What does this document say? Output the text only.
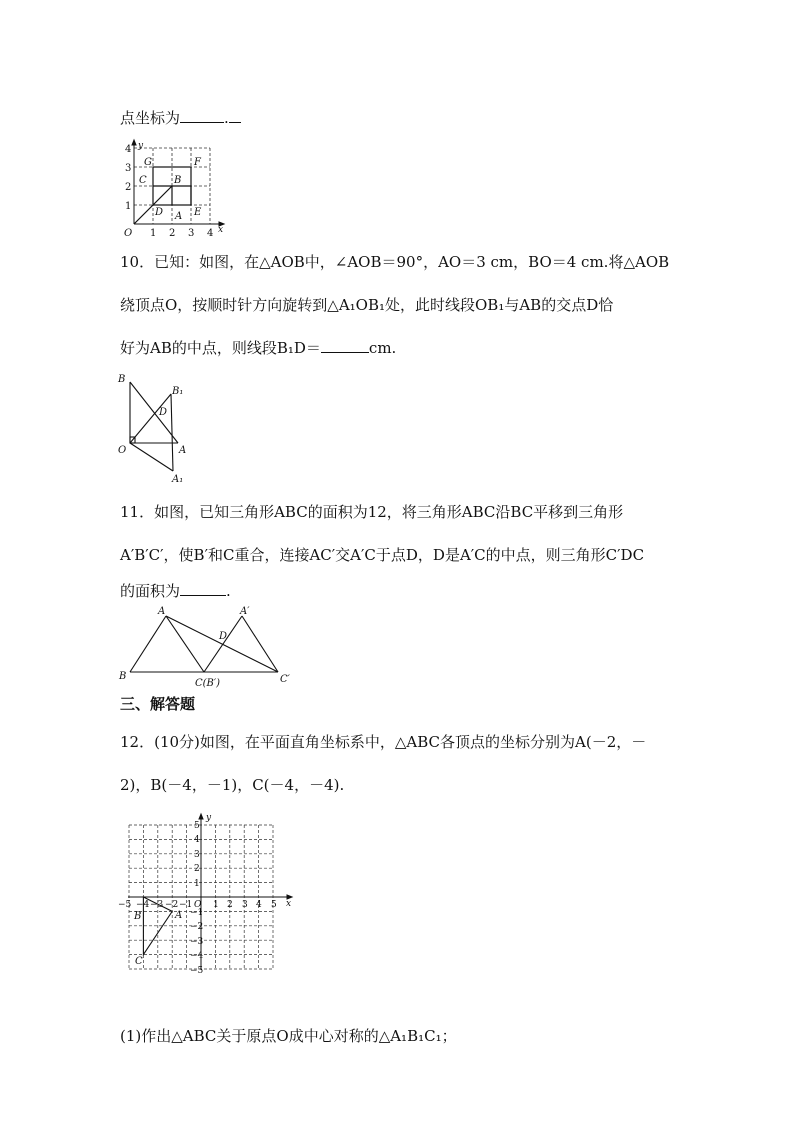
点坐标为	.
y
x
O 1 2 3 4
1
2
3
4
G	F
C	B
D A E
10．已知：如图，在△AOB中，∠AOB＝90°，AO＝3 cm，BO＝4 cm.将△AOB
绕顶点O，按顺时针方向旋转到△A₁OB₁处，此时线段OB₁与AB的交点D恰
好为AB的中点，则线段B₁D＝	cm.
B
B₁
D
O	A
A₁
11．如图，已知三角形ABC的面积为12，将三角形ABC沿BC平移到三角形
A′B′C′，使B′和C重合，连接AC′交A′C于点D，D是A′C的中点，则三角形C′DC
的面积为	.
A	A′
D
B
C(B′)	C′
三、解答题
12．(10分)如图，在平面直角坐标系中，△ABC各顶点的坐标分别为A(－2，－
2)，B(－4，－1)，C(－4，－4).
y
x
O
−5 −4 −3 −2 −1 1 2 3 4 5
5
4
3
2
1
−1
−2
−3
−4
−5
A
B
C
(1)作出△ABC关于原点O成中心对称的△A₁B₁C₁；
